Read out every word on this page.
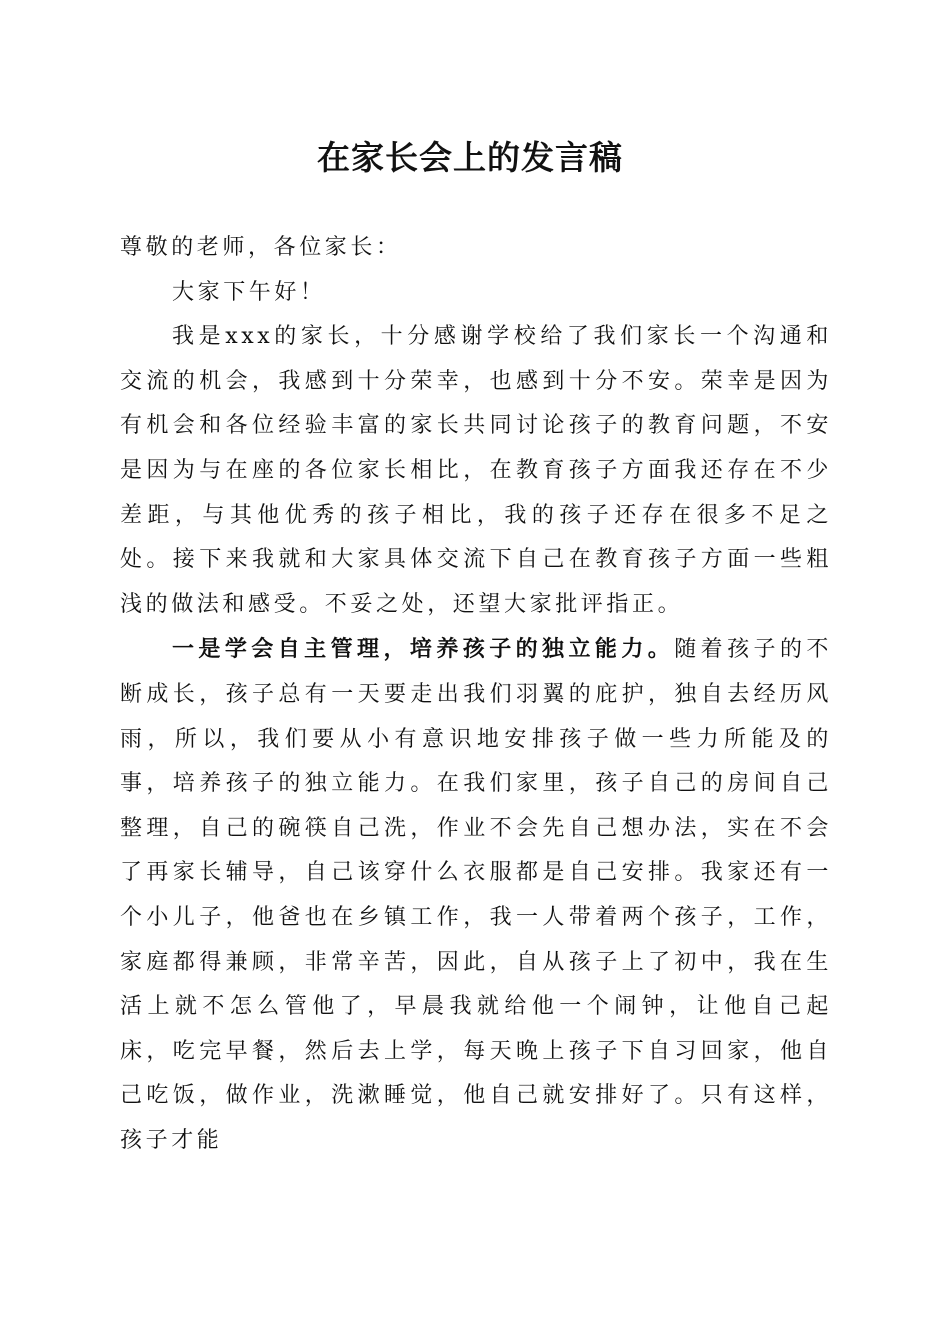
在家长会上的发言稿

尊敬的老师，各位家长：

大家下午好！

我是xxx的家长，十分感谢学校给了我们家长一个沟通和交流的机会，我感到十分荣幸，也感到十分不安。荣幸是因为有机会和各位经验丰富的家长共同讨论孩子的教育问题，不安是因为与在座的各位家长相比，在教育孩子方面我还存在不少差距，与其他优秀的孩子相比，我的孩子还存在很多不足之处。接下来我就和大家具体交流下自己在教育孩子方面一些粗浅的做法和感受。不妥之处，还望大家批评指正。

一是学会自主管理，培养孩子的独立能力。随着孩子的不断成长，孩子总有一天要走出我们羽翼的庇护，独自去经历风雨，所以，我们要从小有意识地安排孩子做一些力所能及的事，培养孩子的独立能力。在我们家里，孩子自己的房间自己整理，自己的碗筷自己洗，作业不会先自己想办法，实在不会了再家长辅导，自己该穿什么衣服都是自己安排。我家还有一个小儿子，他爸也在乡镇工作，我一人带着两个孩子，工作，家庭都得兼顾，非常辛苦，因此，自从孩子上了初中，我在生活上就不怎么管他了，早晨我就给他一个闹钟，让他自己起床，吃完早餐，然后去上学，每天晚上孩子下自习回家，他自己吃饭，做作业，洗漱睡觉，他自己就安排好了。只有这样，孩子才能
